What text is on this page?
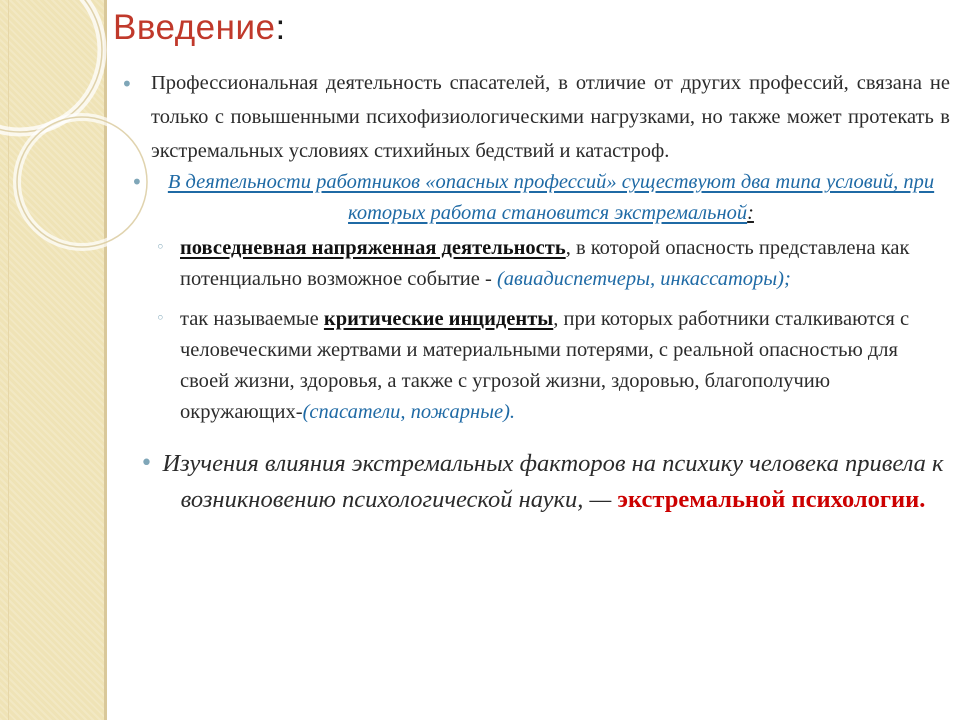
Введение:
• Профессиональная деятельность спасателей, в отличие от других профессий, связана не только с повышенными психофизиологическими нагрузками, но также может протекать в экстремальных условиях стихийных бедствий и катастроф.
• В деятельности работников «опасных профессий» существуют два типа условий, при которых работа становится экстремальной:
◦ повседневная напряженная деятельность, в которой опасность представлена как потенциально возможное событие - (авиадиспетчеры, инкассаторы);
◦ так называемые критические инциденты, при которых работники сталкиваются с человеческими жертвами и материальными потерями, с реальной опасностью для своей жизни, здоровья, а также с угрозой жизни, здоровью, благополучию окружающих-(спасатели, пожарные).
• Изучения влияния экстремальных факторов на психику человека привела к возникновению психологической науки, — экстремальной психологии.
